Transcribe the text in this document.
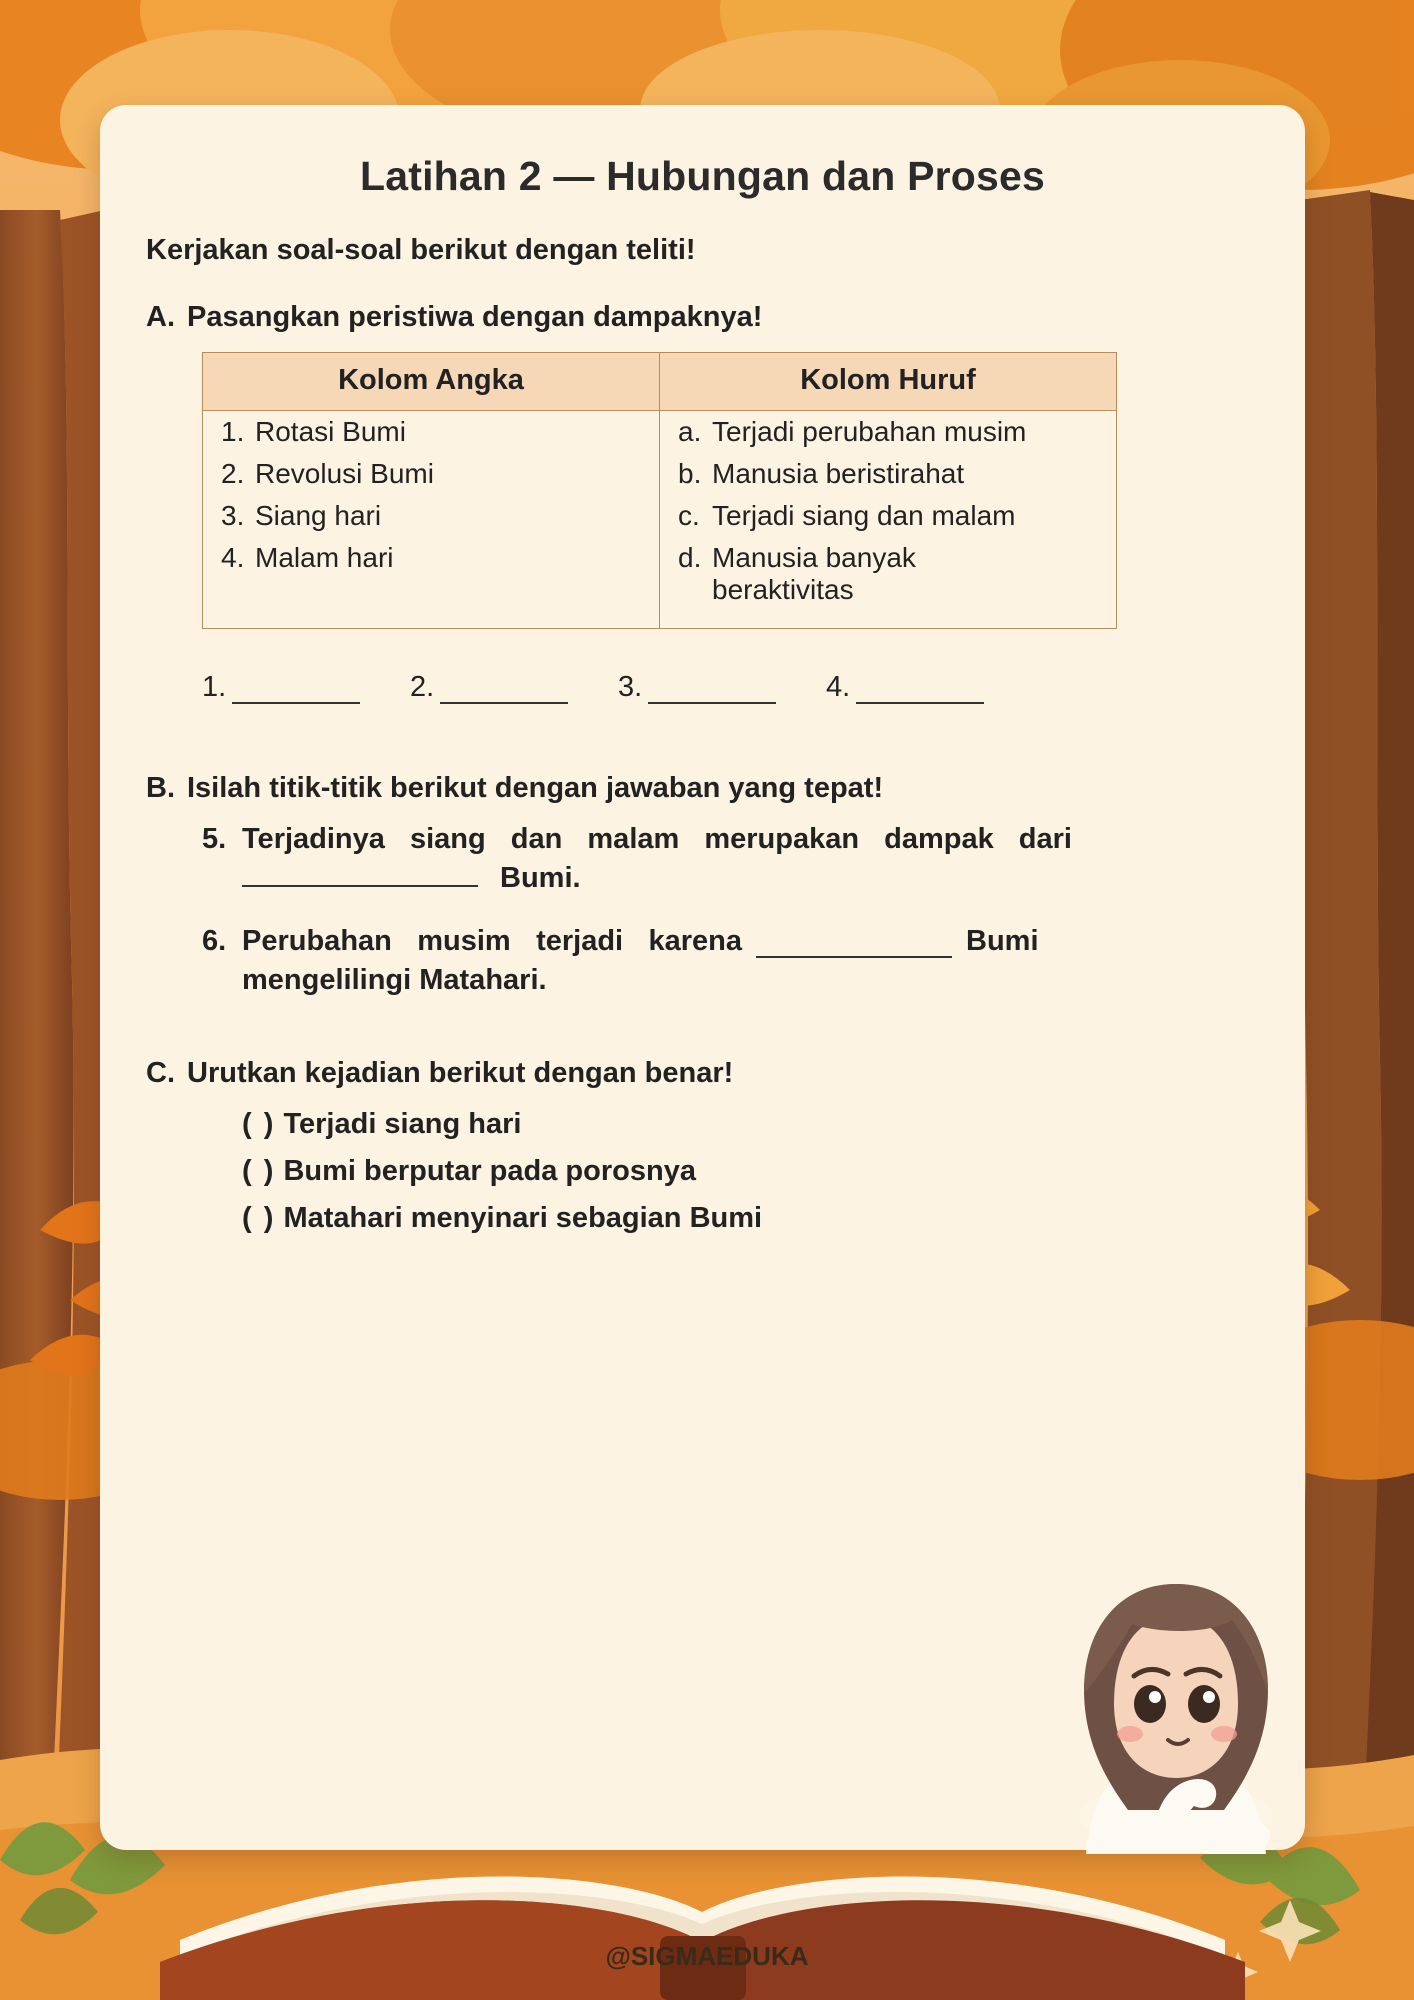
Latihan 2 — Hubungan dan Proses

Kerjakan soal-soal berikut dengan teliti!

A. Pasangkan peristiwa dengan dampaknya!
Kolom Angka	Kolom Huruf
1. Rotasi Bumi	a. Terjadi perubahan musim
2. Revolusi Bumi	b. Manusia beristirahat
3. Siang hari	c. Terjadi siang dan malam
4. Malam hari	d. Manusia banyak
beraktivitas
1.	2.	3.	4.
B. Isilah titik-titik berikut dengan jawaban yang tepat!
5. Terjadinya siang dan malam merupakan dampak dari
Bumi.
6. Perubahan musim terjadi karena	Bumi
mengelilingi Matahari.
C. Urutkan kejadian berikut dengan benar!
( ) Terjadi siang hari
( ) Bumi berputar pada porosnya
( ) Matahari menyinari sebagian Bumi
@SIGMAEDUKA
